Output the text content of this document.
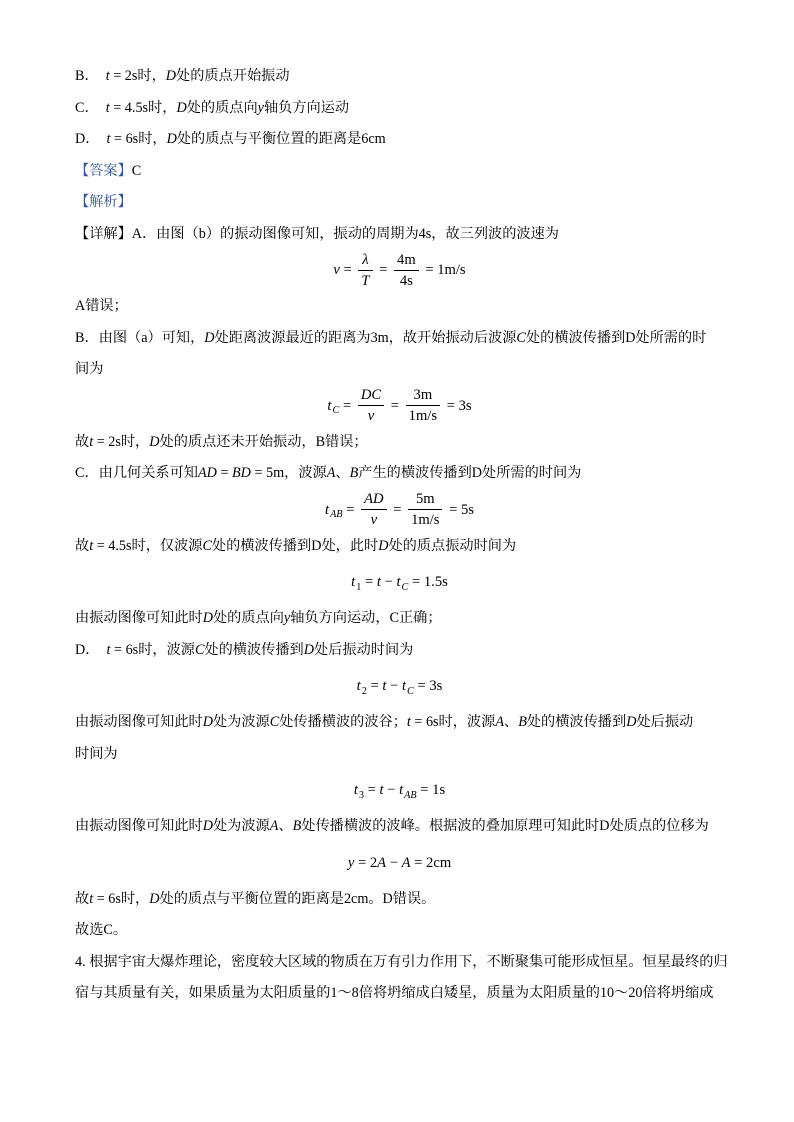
B．  t = 2s时，D处的质点开始振动
C．  t = 4.5s时，D处的质点向y轴负方向运动
D．  t = 6s时，D处的质点与平衡位置的距离是6cm
【答案】C
【解析】
【详解】A．由图（b）的振动图像可知，振动的周期为4s，故三列波的波速为
$v = \frac{\lambda}{T} = \frac{4m}{4s} = 1m/s$
A错误；
B．由图（a）可知，D处距离波源最近的距离为3m，故开始振动后波源C处的横波传播到D处所需的时
间为
$t_C = \frac{DC}{v} = \frac{3m}{1m/s} = 3s$
故t = 2s时，D处的质点还未开始振动，B错误；
C．由几何关系可知AD = BD = 5m，波源A、B产生的横波传播到D处所需的时间为
$t_{AB} = \frac{AD}{v} = \frac{5m}{1m/s} = 5s$
故t = 4.5s时，仅波源C处的横波传播到D处，此时D处的质点振动时间为
$t_1 = t - t_C = 1.5s$
由振动图像可知此时D处的质点向y轴负方向运动，C正确；
D．  t = 6s时，波源C处的横波传播到D处后振动时间为
$t_2 = t - t_C = 3s$
由振动图像可知此时D处为波源C处传播横波的波谷；t = 6s时，波源A、B处的横波传播到D处后振动
时间为
$t_3 = t - t_{AB} = 1s$
由振动图像可知此时D处为波源A、B处传播横波的波峰。根据波的叠加原理可知此时D处质点的位移为
y = 2A − A = 2cm
故t = 6s时，D处的质点与平衡位置的距离是2cm。D错误。
故选C。
4. 根据宇宙大爆炸理论，密度较大区域的物质在万有引力作用下，不断聚集可能形成恒星。恒星最终的归
宿与其质量有关，如果质量为太阳质量的1～8倍将坍缩成白矮星，质量为太阳质量的10～20倍将坍缩成
